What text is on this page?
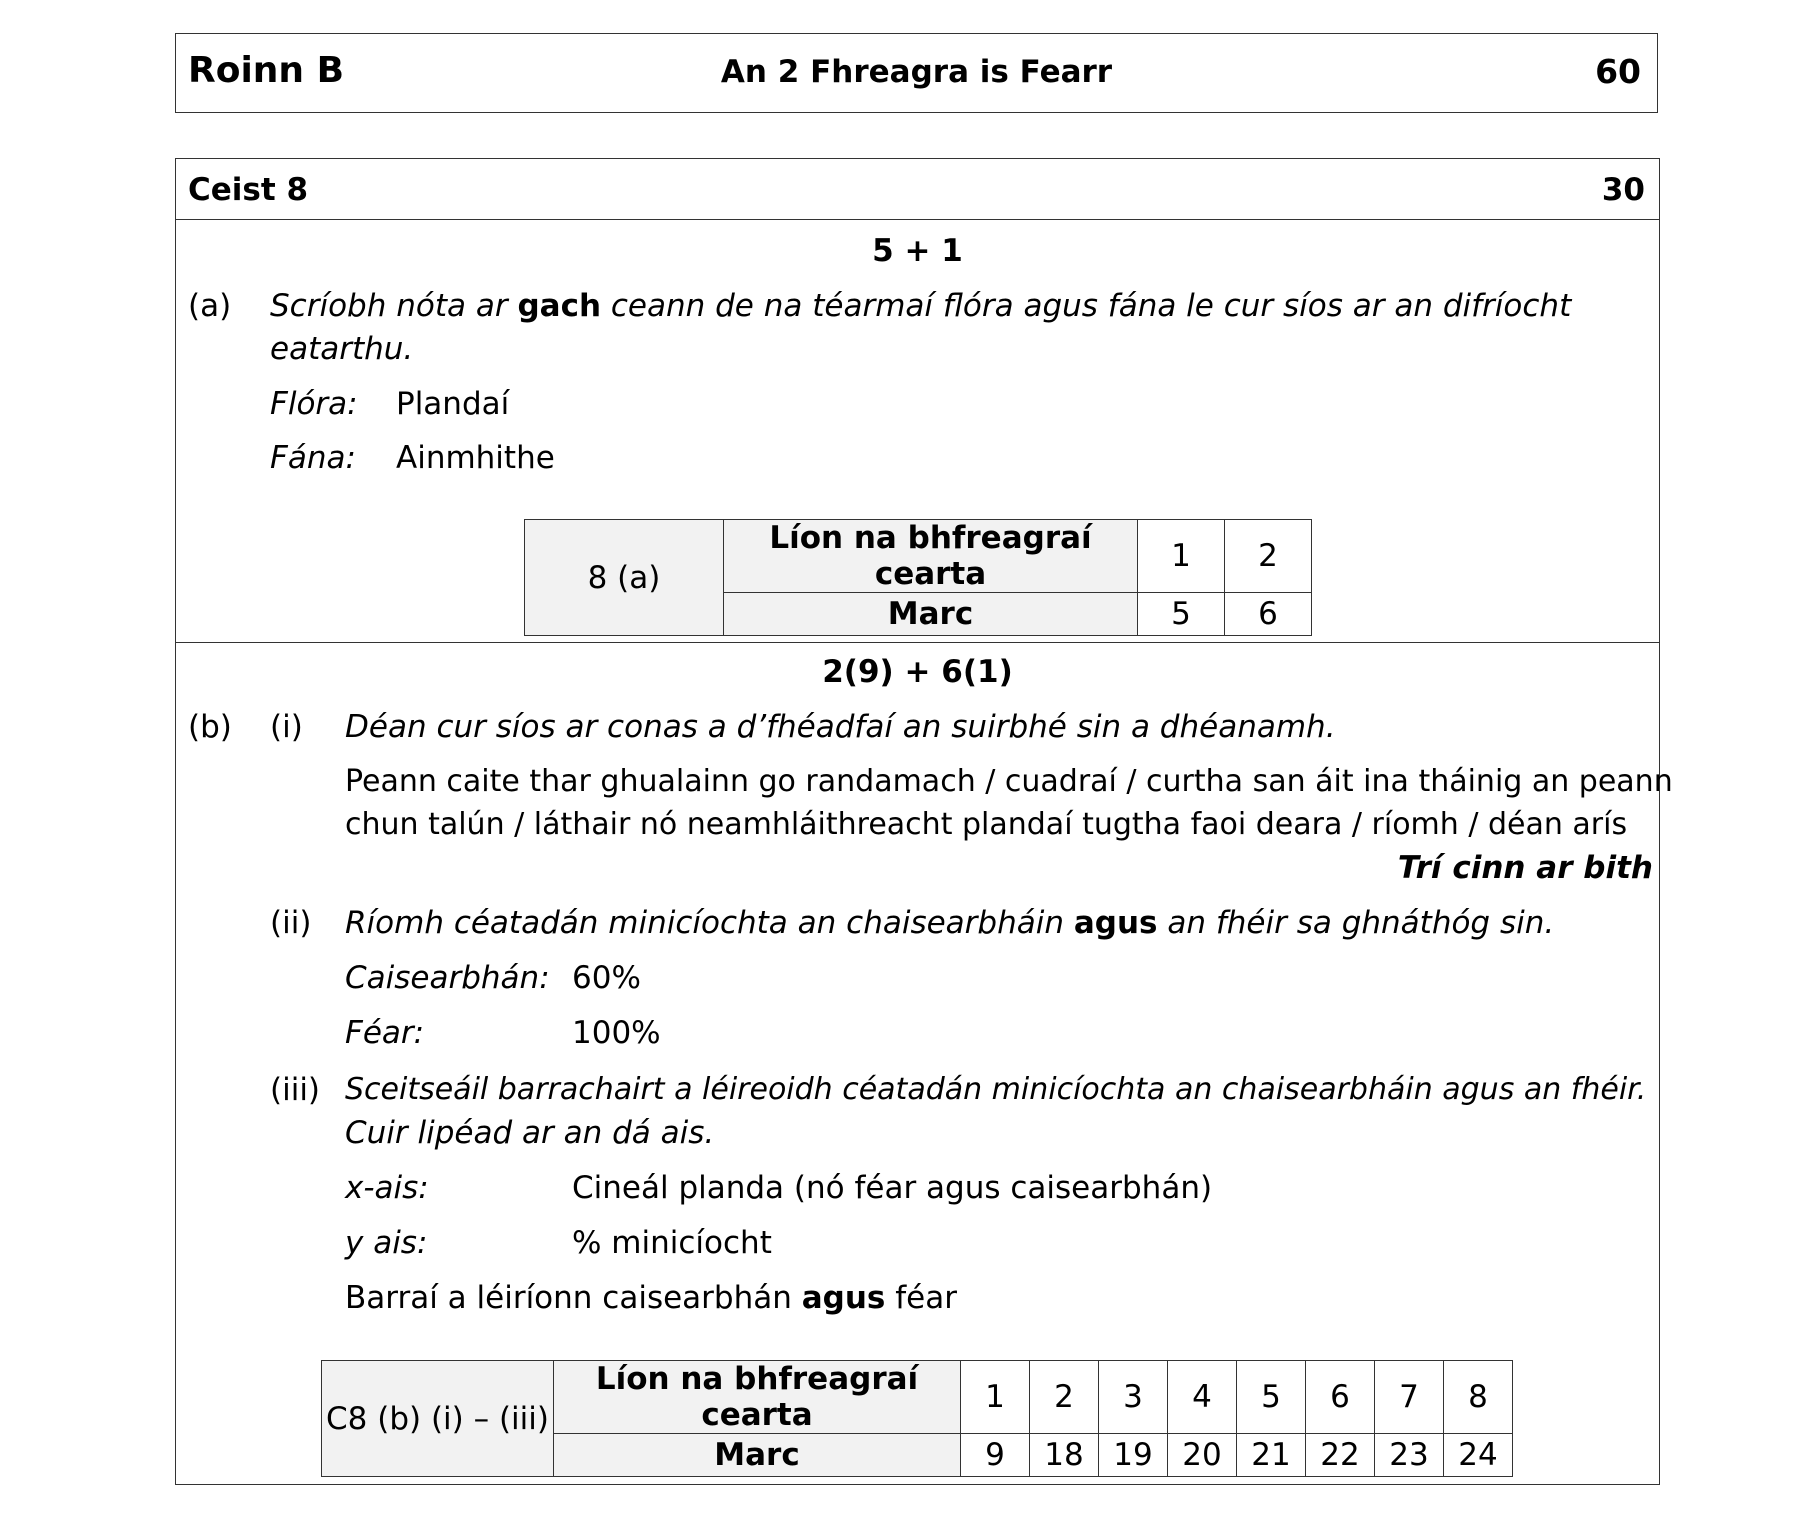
Roinn B	An 2 Fhreagra is Fearr	60
Ceist 8	30
5 + 1
(a) Scríobh nóta ar gach ceann de na téarmaí flóra agus fána le cur síos ar an difríocht
eatarthu.
Flóra: Plandaí
Fána: Ainmhithe
8 (a)	Líon na bhfreagraí cearta	1	2
	Marc	5	6
2(9) + 6(1)
(b) (i) Déan cur síos ar conas a d’fhéadfaí an suirbhé sin a dhéanamh.
Peann caite thar ghualainn go randamach / cuadraí / curtha san áit ina tháinig an peann
chun talún / láthair nó neamhláithreacht plandaí tugtha faoi deara / ríomh / déan arís
Trí cinn ar bith
(ii) Ríomh céatadán minicíochta an chaisearbháin agus an fhéir sa ghnáthóg sin.
Caisearbhán: 60%
Féar:	100%
(iii) Sceitseáil barrachairt a léireoidh céatadán minicíochta an chaisearbháin agus an fhéir.
Cuir lipéad ar an dá ais.
x-ais:	Cineál planda (nó féar agus caisearbhán)
y ais:	% minicíocht
Barraí a léiríonn caisearbhán agus féar
C8 (b) (i) – (iii)	Líon na bhfreagraí cearta	1	2	3	4	5	6	7	8
	Marc	9	18	19	20	21	22	23	24
